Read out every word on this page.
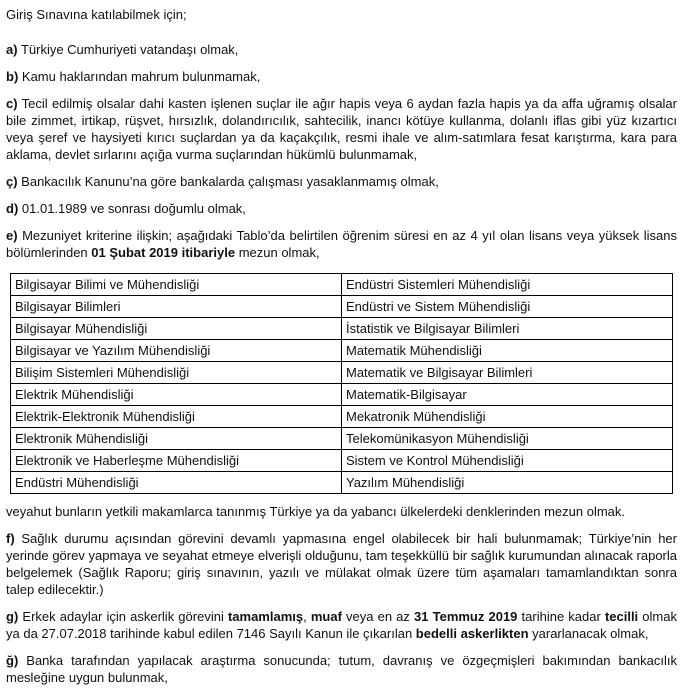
Giriş Sınavına katılabilmek için;

a) Türkiye Cumhuriyeti vatandaşı olmak,

b) Kamu haklarından mahrum bulunmamak,

c) Tecil edilmiş olsalar dahi kasten işlenen suçlar ile ağır hapis veya 6 aydan fazla hapis ya da affa uğramış olsalar bile zimmet, irtikap, rüşvet, hırsızlık, dolandırıcılık, sahtecilik, inancı kötüye kullanma, dolanlı iflas gibi yüz kızartıcı veya şeref ve haysiyeti kırıcı suçlardan ya da kaçakçılık, resmi ihale ve alım-satımlara fesat karıştırma, kara para aklama, devlet sırlarını açığa vurma suçlarından hükümlü bulunmamak,

ç) Bankacılık Kanunu’na göre bankalarda çalışması yasaklanmamış olmak,

d) 01.01.1989 ve sonrası doğumlu olmak,

e) Mezuniyet kriterine ilişkin; aşağıdaki Tablo’da belirtilen öğrenim süresi en az 4 yıl olan lisans veya yüksek lisans bölümlerinden 01 Şubat 2019 itibariyle mezun olmak,

Bilgisayar Bilimi ve Mühendisliği	Endüstri Sistemleri Mühendisliği
Bilgisayar Bilimleri	Endüstri ve Sistem Mühendisliği
Bilgisayar Mühendisliği	İstatistik ve Bilgisayar Bilimleri
Bilgisayar ve Yazılım Mühendisliği	Matematik Mühendisliği
Bilişim Sistemleri Mühendisliği	Matematik ve Bilgisayar Bilimleri
Elektrik Mühendisliği	Matematik-Bilgisayar
Elektrik-Elektronik Mühendisliği	Mekatronik Mühendisliği
Elektronik Mühendisliği	Telekomünikasyon Mühendisliği
Elektronik ve Haberleşme Mühendisliği	Sistem ve Kontrol Mühendisliği
Endüstri Mühendisliği	Yazılım Mühendisliği

veyahut bunların yetkili makamlarca tanınmış Türkiye ya da yabancı ülkelerdeki denklerinden mezun olmak.

f) Sağlık durumu açısından görevini devamlı yapmasına engel olabilecek bir hali bulunmamak; Türkiye’nin her yerinde görev yapmaya ve seyahat etmeye elverişli olduğunu, tam teşekküllü bir sağlık kurumundan alınacak raporla belgelemek (Sağlık Raporu; giriş sınavının, yazılı ve mülakat olmak üzere tüm aşamaları tamamlandıktan sonra talep edilecektir.)

g) Erkek adaylar için askerlik görevini tamamlamış, muaf veya en az 31 Temmuz 2019 tarihine kadar tecilli olmak ya da 27.07.2018 tarihinde kabul edilen 7146 Sayılı Kanun ile çıkarılan bedelli askerlikten yararlanacak olmak,

ğ) Banka tarafından yapılacak araştırma sonucunda; tutum, davranış ve özgeçmişleri bakımından bankacılık mesleğine uygun bulunmak,
